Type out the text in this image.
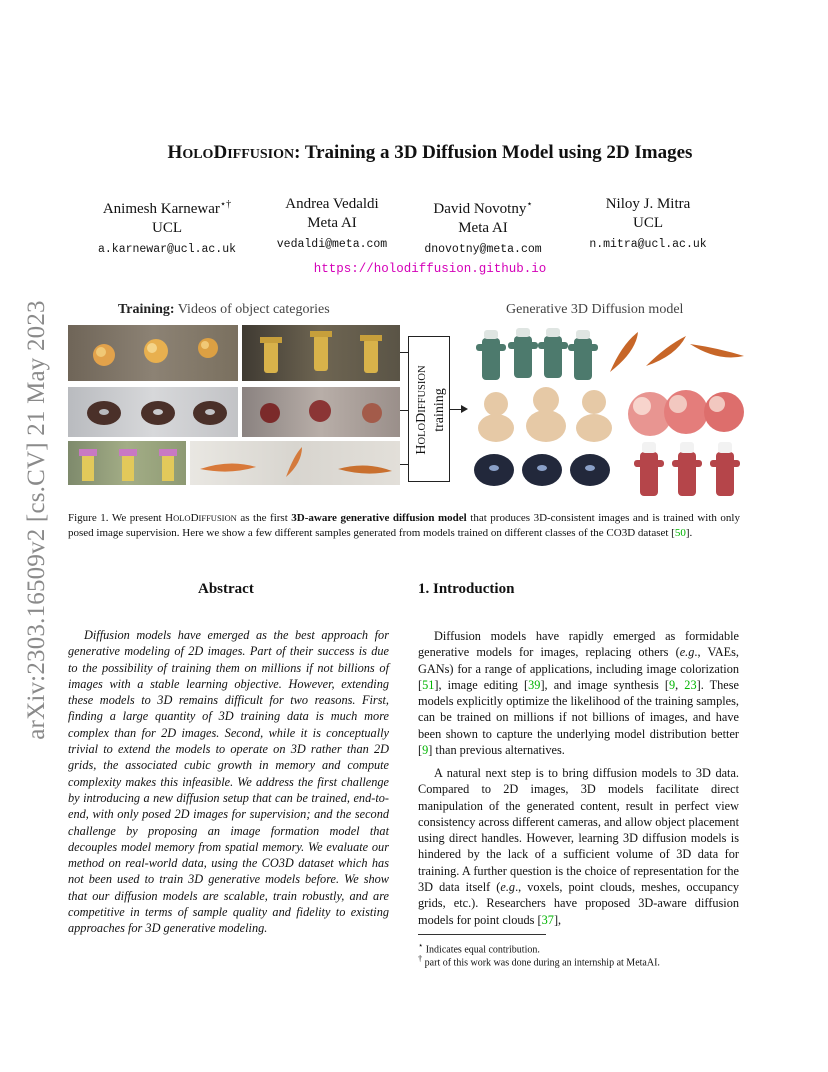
arXiv:2303.16509v2 [cs.CV] 21 May 2023
HOLODIFFUSION: Training a 3D Diffusion Model using 2D Images
Animesh Karnewar⋆†
UCL
a.karnewar@ucl.ac.uk
Andrea Vedaldi
Meta AI
vedaldi@meta.com
David Novotny⋆
Meta AI
dnovotny@meta.com
Niloy J. Mitra
UCL
n.mitra@ucl.ac.uk
https://holodiffusion.github.io
Training: Videos of object categories	Generative 3D Diffusion model
HOLODIFFUSION training
Figure 1. We present HOLODIFFUSION as the first 3D-aware generative diffusion model that produces 3D-consistent images and is trained with only posed image supervision. Here we show a few different samples generated from models trained on different classes of the CO3D dataset [50].
Abstract
Diffusion models have emerged as the best approach for generative modeling of 2D images. Part of their success is due to the possibility of training them on millions if not billions of images with a stable learning objective. However, extending these models to 3D remains difficult for two reasons. First, finding a large quantity of 3D training data is much more complex than for 2D images. Second, while it is conceptually trivial to extend the models to operate on 3D rather than 2D grids, the associated cubic growth in memory and compute complexity makes this infeasible. We address the first challenge by introducing a new diffusion setup that can be trained, end-to-end, with only posed 2D images for supervision; and the second challenge by proposing an image formation model that decouples model memory from spatial memory. We evaluate our method on real-world data, using the CO3D dataset which has not been used to train 3D generative models before. We show that our diffusion models are scalable, train robustly, and are competitive in terms of sample quality and fidelity to existing approaches for 3D generative modeling.
1. Introduction
Diffusion models have rapidly emerged as formidable generative models for images, replacing others (e.g., VAEs, GANs) for a range of applications, including image colorization [51], image editing [39], and image synthesis [9, 23]. These models explicitly optimize the likelihood of the training samples, can be trained on millions if not billions of images, and have been shown to capture the underlying model distribution better [9] than previous alternatives.
A natural next step is to bring diffusion models to 3D data. Compared to 2D images, 3D models facilitate direct manipulation of the generated content, result in perfect view consistency across different cameras, and allow object placement using direct handles. However, learning 3D diffusion models is hindered by the lack of a sufficient volume of 3D data for training. A further question is the choice of representation for the 3D data itself (e.g., voxels, point clouds, meshes, occupancy grids, etc.). Researchers have proposed 3D-aware diffusion models for point clouds [37],
⋆ Indicates equal contribution.
† part of this work was done during an internship at MetaAI.
